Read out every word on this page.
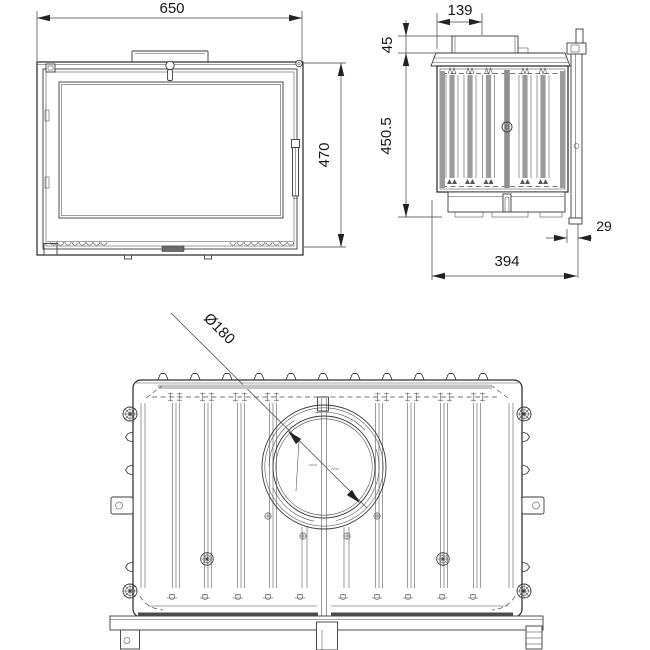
650
470
139
45
450.5
29
394
Ø180
